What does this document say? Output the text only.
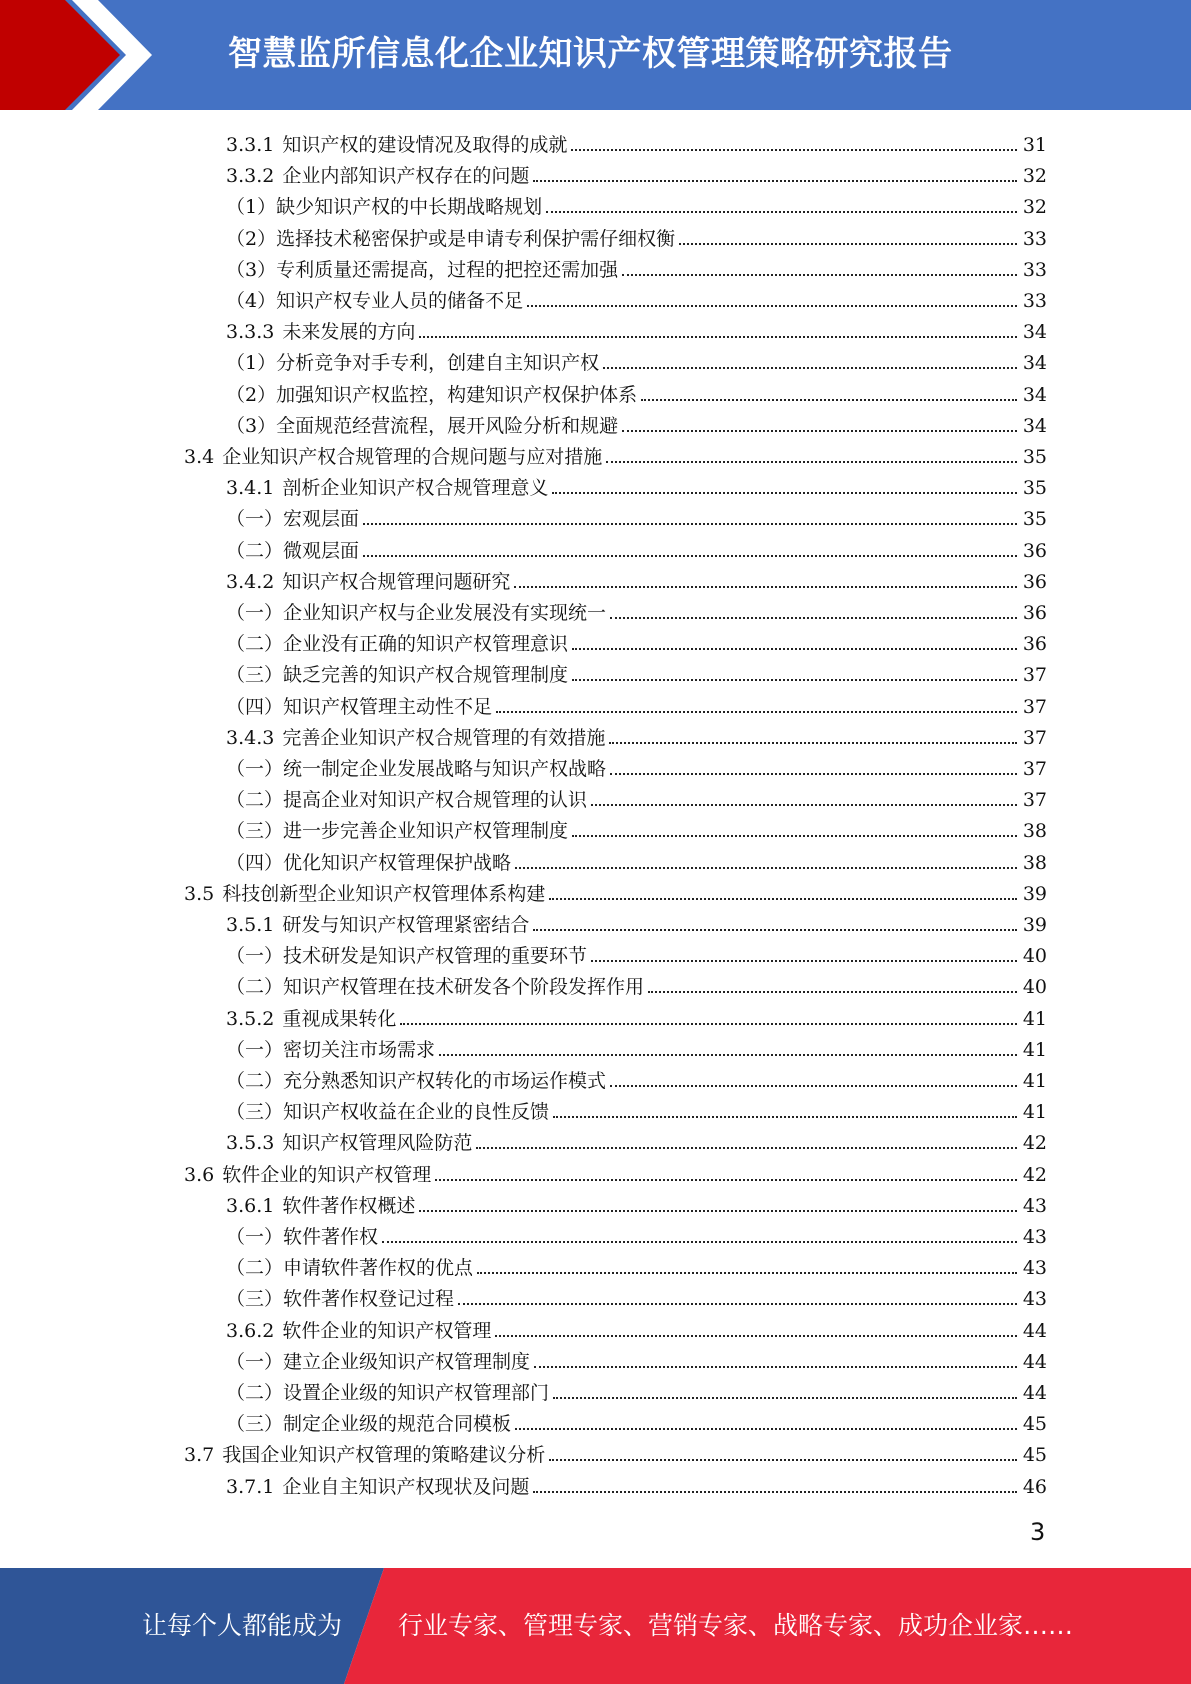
智慧监所信息化企业知识产权管理策略研究报告
3.3.1 知识产权的建设情况及取得的成就	31
3.3.2 企业内部知识产权存在的问题	32
（1）缺少知识产权的中长期战略规划	32
（2）选择技术秘密保护或是申请专利保护需仔细权衡	33
（3）专利质量还需提高，过程的把控还需加强	33
（4）知识产权专业人员的储备不足	33
3.3.3 未来发展的方向	34
（1）分析竞争对手专利，创建自主知识产权	34
（2）加强知识产权监控，构建知识产权保护体系	34
（3）全面规范经营流程，展开风险分析和规避	34
3.4 企业知识产权合规管理的合规问题与应对措施	35
3.4.1 剖析企业知识产权合规管理意义	35
（一）宏观层面	35
（二）微观层面	36
3.4.2 知识产权合规管理问题研究	36
（一）企业知识产权与企业发展没有实现统一	36
（二）企业没有正确的知识产权管理意识	36
（三）缺乏完善的知识产权合规管理制度	37
（四）知识产权管理主动性不足	37
3.4.3 完善企业知识产权合规管理的有效措施	37
（一）统一制定企业发展战略与知识产权战略	37
（二）提高企业对知识产权合规管理的认识	37
（三）进一步完善企业知识产权管理制度	38
（四）优化知识产权管理保护战略	38
3.5 科技创新型企业知识产权管理体系构建	39
3.5.1 研发与知识产权管理紧密结合	39
（一）技术研发是知识产权管理的重要环节	40
（二）知识产权管理在技术研发各个阶段发挥作用	40
3.5.2 重视成果转化	41
（一）密切关注市场需求	41
（二）充分熟悉知识产权转化的市场运作模式	41
（三）知识产权收益在企业的良性反馈	41
3.5.3 知识产权管理风险防范	42
3.6 软件企业的知识产权管理	42
3.6.1 软件著作权概述	43
（一）软件著作权	43
（二）申请软件著作权的优点	43
（三）软件著作权登记过程	43
3.6.2 软件企业的知识产权管理	44
（一）建立企业级知识产权管理制度	44
（二）设置企业级的知识产权管理部门	44
（三）制定企业级的规范合同模板	45
3.7 我国企业知识产权管理的策略建议分析	45
3.7.1 企业自主知识产权现状及问题	46
3
让每个人都能成为 行业专家、管理专家、营销专家、战略专家、成功企业家……
